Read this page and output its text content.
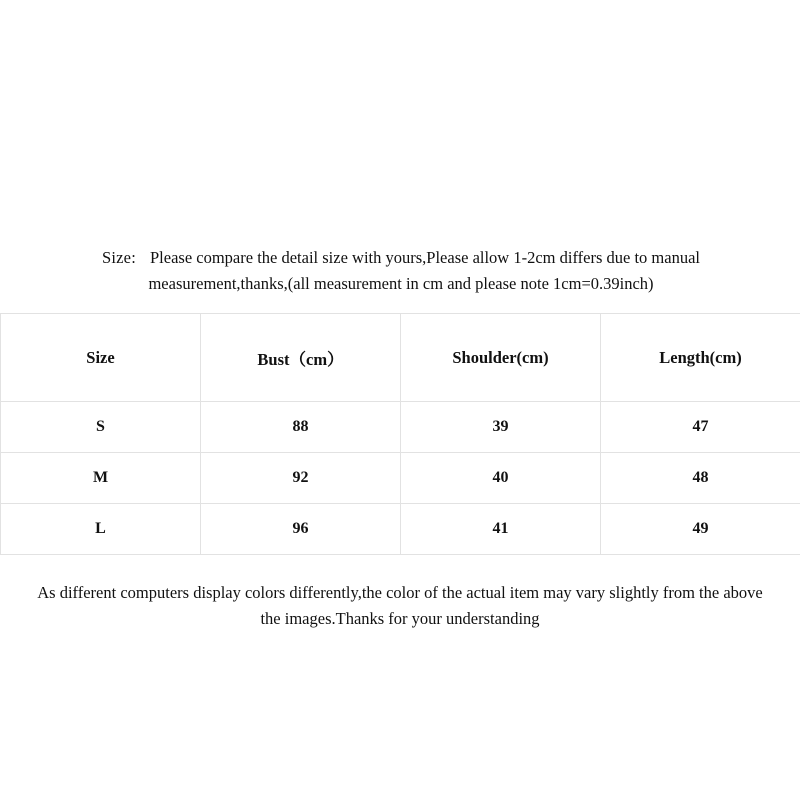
Size: Please compare the detail size with yours,Please allow 1-2cm differs due to manual measurement,thanks,(all measurement in cm and please note 1cm=0.39inch)

Size	Bust（cm）	Shoulder(cm)	Length(cm)
S	88	39	47
M	92	40	48
L	96	41	49

As different computers display colors differently,the color of the actual item may vary slightly from the above
the images.Thanks for your understanding
